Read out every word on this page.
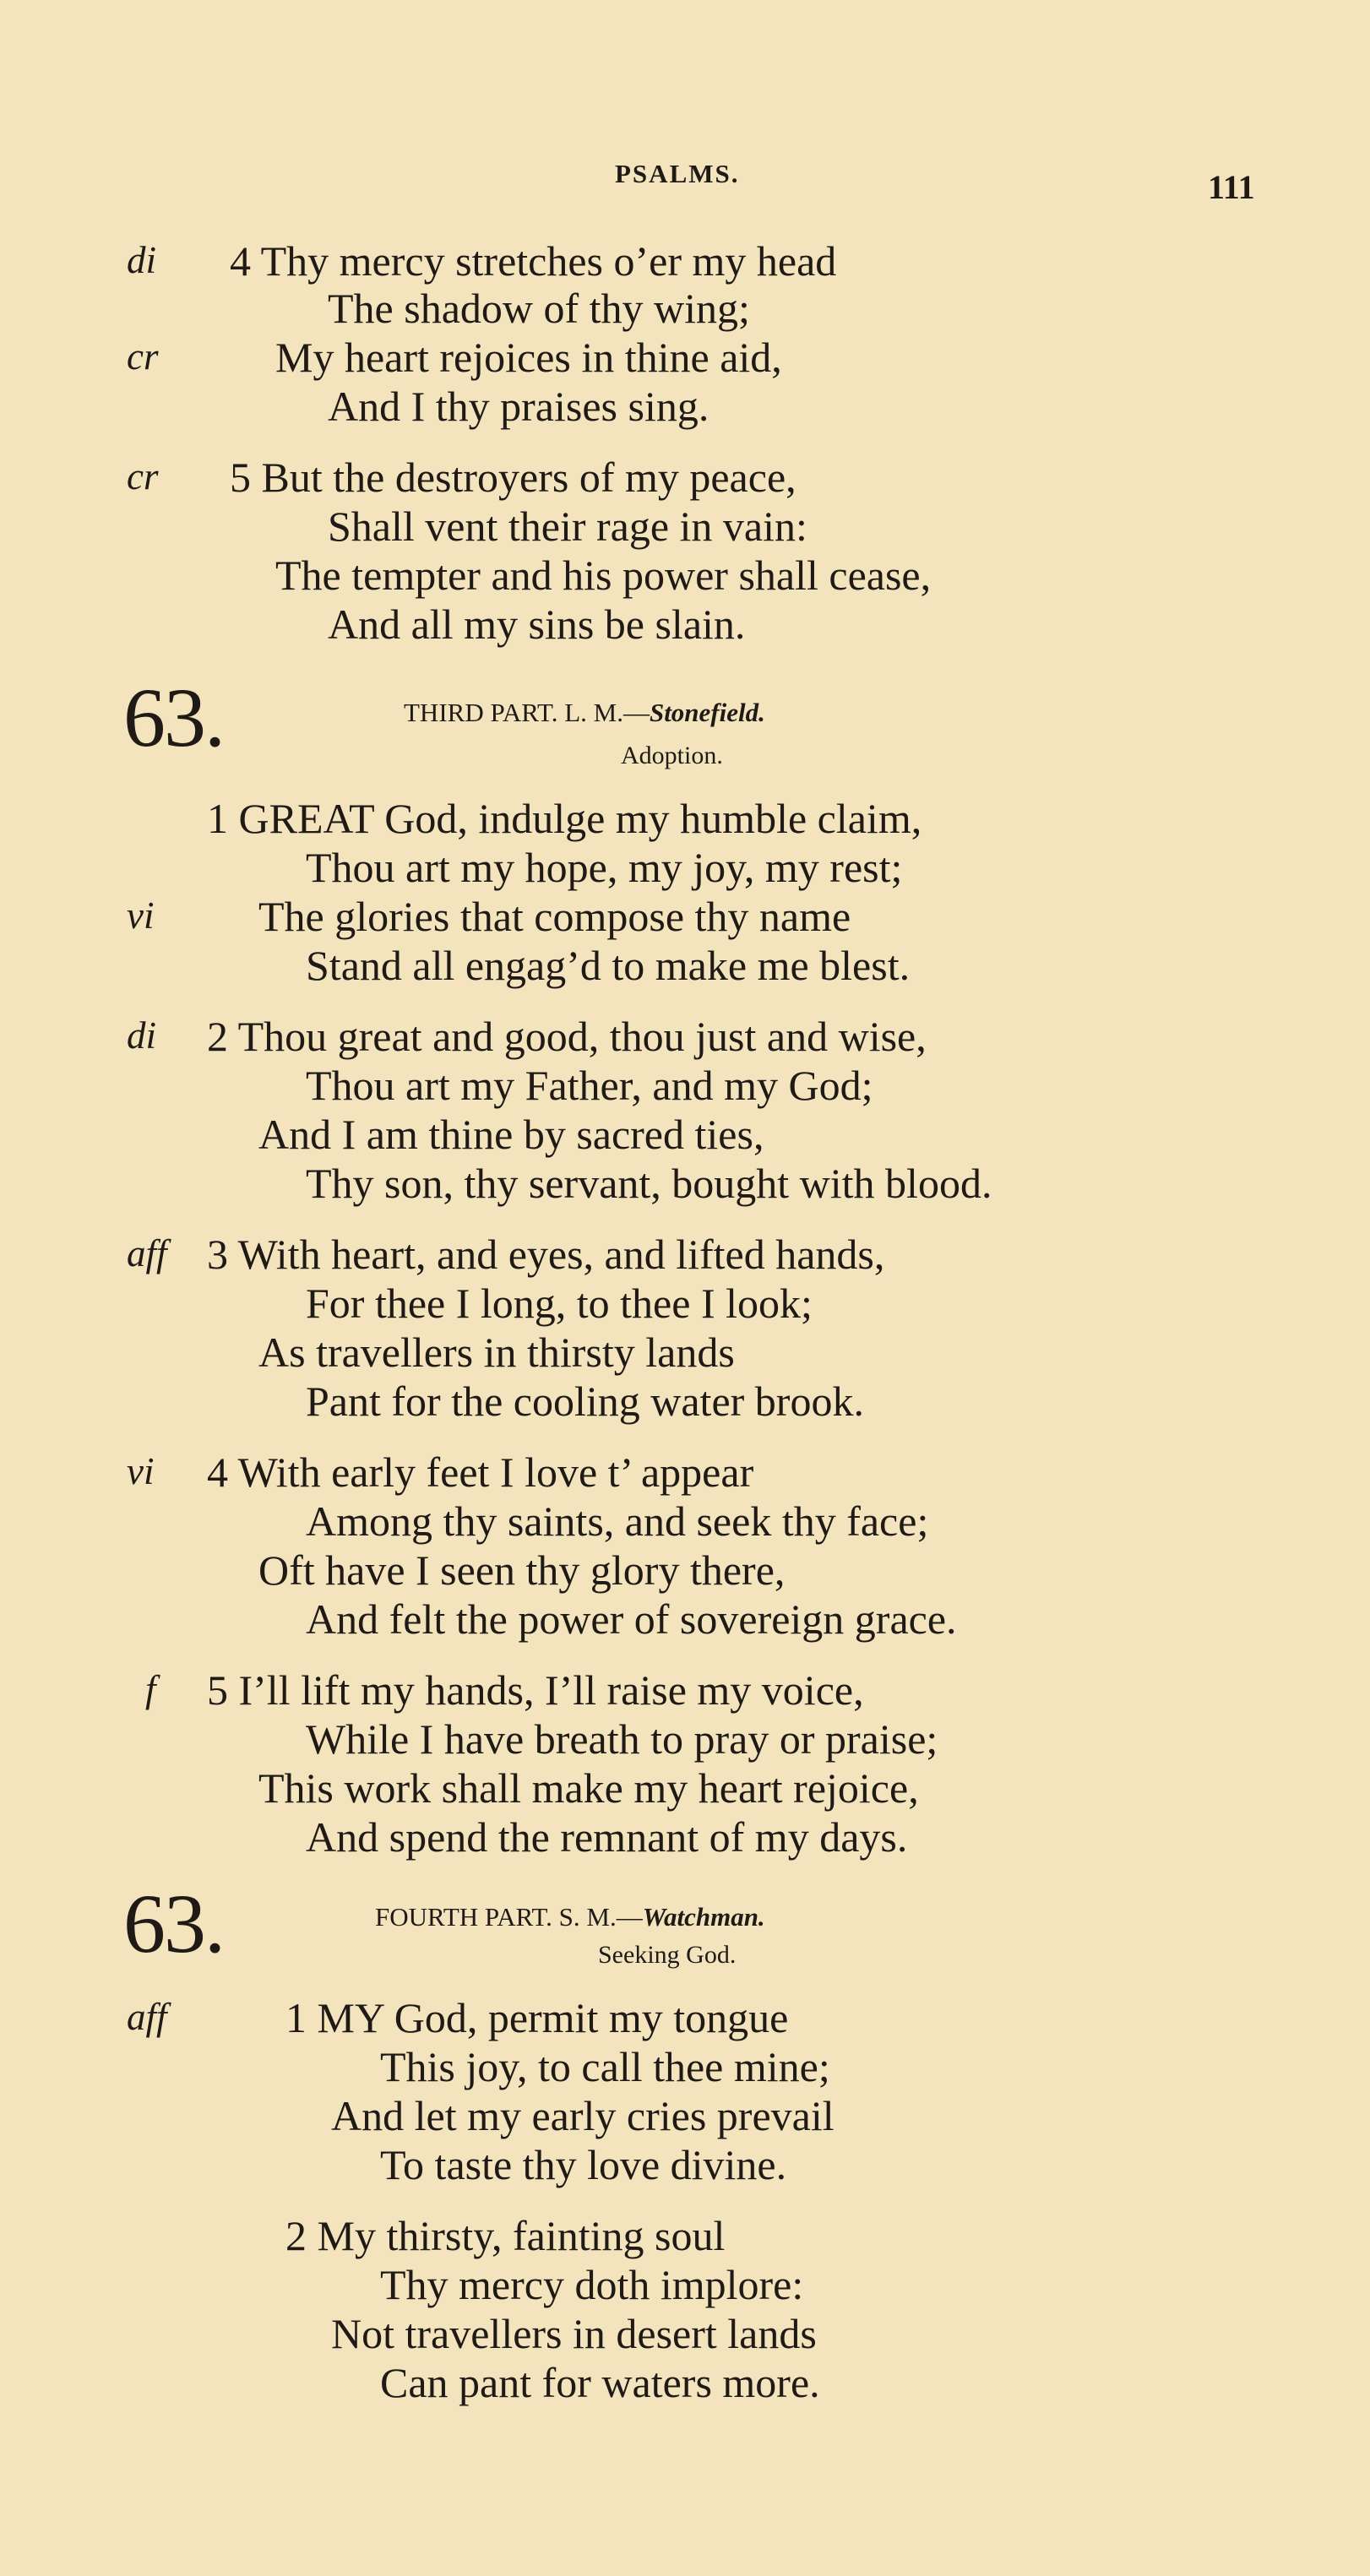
PSALMS.	111
di 4 Thy mercy stretches o’er my head
The shadow of thy wing;
cr	My heart rejoices in thine aid,
And I thy praises sing.
cr 5 But the destroyers of my peace,
Shall vent their rage in vain:
The tempter and his power shall cease,
And all my sins be slain.
63.	THIRD PART. L. M.—Stonefield.
Adoption.
1 GREAT God, indulge my humble claim,
Thou art my hope, my joy, my rest;
vi The glories that compose thy name
Stand all engag’d to make me blest.
di 2 Thou great and good, thou just and wise,
Thou art my Father, and my God;
And I am thine by sacred ties,
Thy son, thy servant, bought with blood.
aff 3 With heart, and eyes, and lifted hands,
For thee I long, to thee I look;
As travellers in thirsty lands
Pant for the cooling water brook.
vi 4 With early feet I love t’ appear
Among thy saints, and seek thy face;
Oft have I seen thy glory there,
And felt the power of sovereign grace.
f 5 I’ll lift my hands, I’ll raise my voice,
While I have breath to pray or praise;
This work shall make my heart rejoice,
And spend the remnant of my days.
63.	FOURTH PART. S. M.—Watchman.
Seeking God.
aff	1 MY God, permit my tongue
This joy, to call thee mine;
And let my early cries prevail
To taste thy love divine.
2 My thirsty, fainting soul
Thy mercy doth implore:
Not travellers in desert lands
Can pant for waters more.
